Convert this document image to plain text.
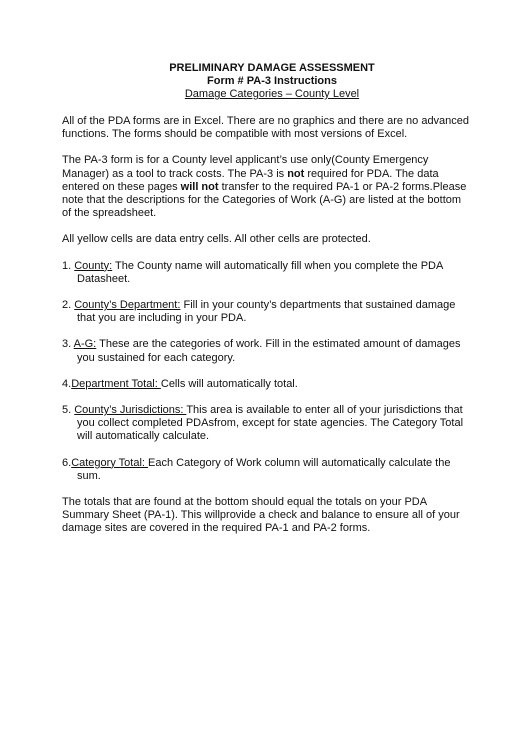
PRELIMINARY DAMAGE ASSESSMENT
Form # PA-3 Instructions
Damage Categories – County Level

All of the PDA forms are in Excel. There are no graphics and there are no advanced functions. The forms should be compatible with most versions of Excel.

The PA-3 form is for a County level applicant’s use only(County Emergency Manager) as a tool to track costs. The PA-3 is not required for PDA. The data entered on these pages will not transfer to the required PA-1 or PA-2 forms.Please note that the descriptions for the Categories of Work (A-G) are listed at the bottom of the spreadsheet.

All yellow cells are data entry cells. All other cells are protected.

1. County: The County name will automatically fill when you complete the PDA Datasheet.

2. County’s Department: Fill in your county’s departments that sustained damage that you are including in your PDA.

3. A-G: These are the categories of work. Fill in the estimated amount of damages you sustained for each category.

4.Department Total: Cells will automatically total.

5. County’s Jurisdictions: This area is available to enter all of your jurisdictions that you collect completed PDAsfrom, except for state agencies. The Category Total will automatically calculate.

6.Category Total: Each Category of Work column will automatically calculate the sum.

The totals that are found at the bottom should equal the totals on your PDA Summary Sheet (PA-1). This willprovide a check and balance to ensure all of your damage sites are covered in the required PA-1 and PA-2 forms.
